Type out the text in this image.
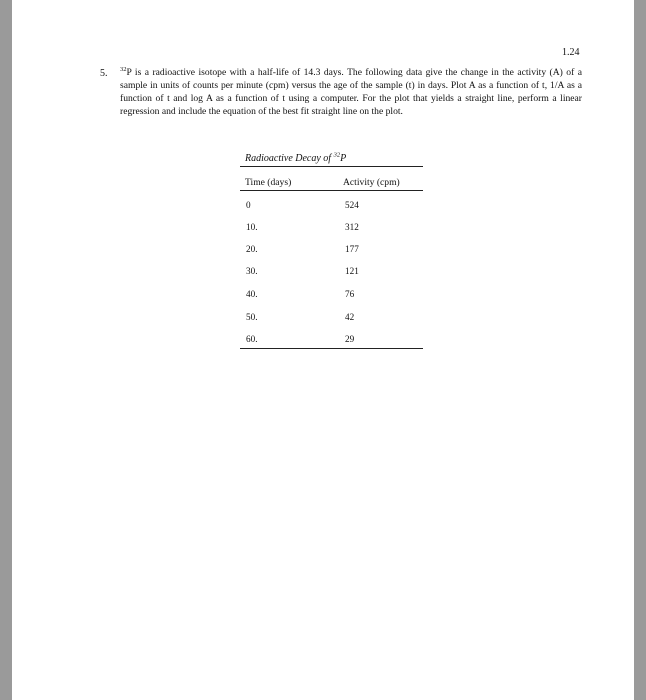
1.24
5. $^{32}$P is a radioactive isotope with a half-life of 14.3 days. The following data give the change in the activity (A) of a sample in units of counts per minute (cpm) versus the age of the sample (t) in days. Plot A as a function of t, 1/A as a function of t and log A as a function of t using a computer. For the plot that yields a straight line, perform a linear regression and include the equation of the best fit straight line on the plot.
Radioactive Decay of $^{32}$P
Time (days)	Activity (cpm)
0	524
10.	312
20.	177
30.	121
40.	76
50.	42
60.	29
